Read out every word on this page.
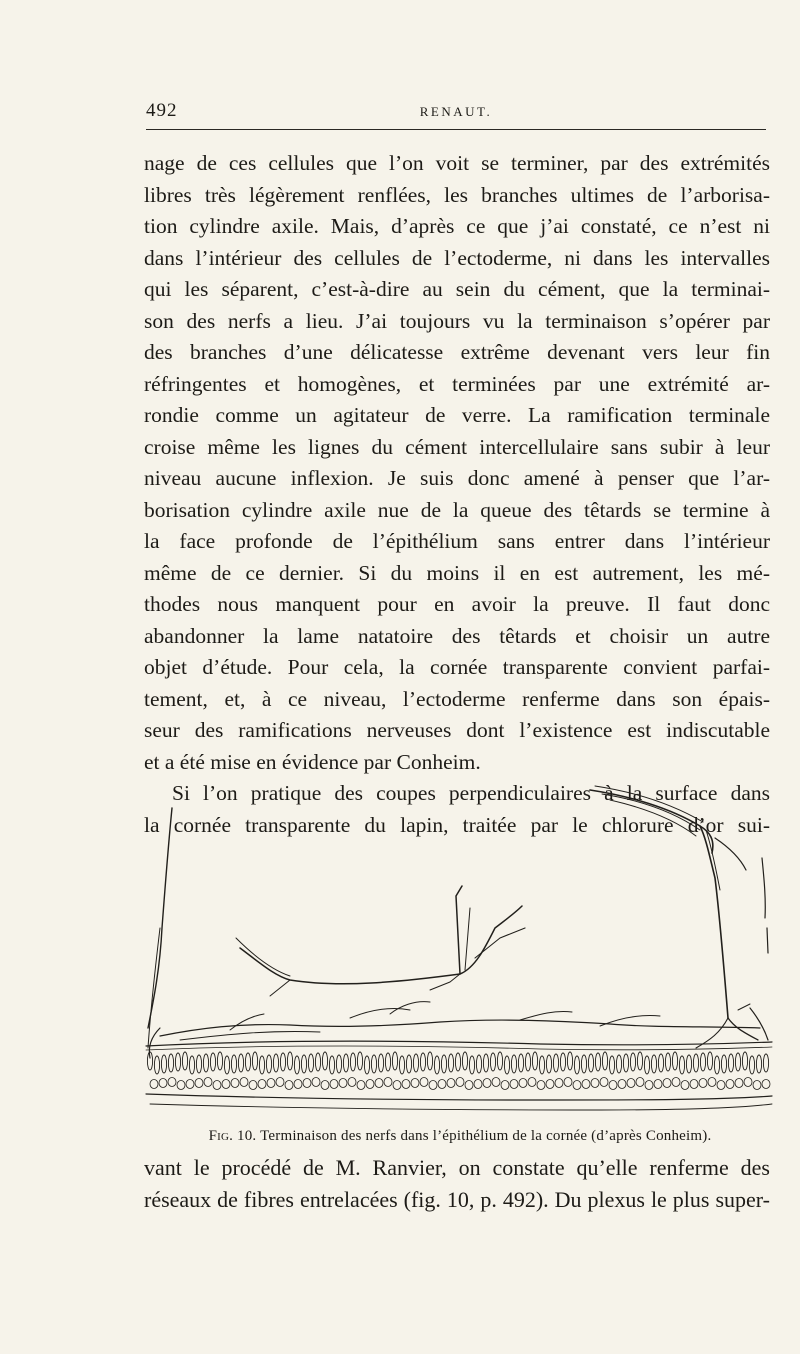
492	RENAUT.
nage de ces cellules que l’on voit se terminer, par des extrémités
libres très légèrement renflées, les branches ultimes de l’arborisa-
tion cylindre axile. Mais, d’après ce que j’ai constaté, ce n’est ni
dans l’intérieur des cellules de l’ectoderme, ni dans les intervalles
qui les séparent, c’est-à-dire au sein du cément, que la terminai-
son des nerfs a lieu. J’ai toujours vu la terminaison s’opérer par
des branches d’une délicatesse extrême devenant vers leur fin
réfringentes et homogènes, et terminées par une extrémité ar-
rondie comme un agitateur de verre. La ramification terminale
croise même les lignes du cément intercellulaire sans subir à leur
niveau aucune inflexion. Je suis donc amené à penser que l’ar-
borisation cylindre axile nue de la queue des têtards se termine à
la face profonde de l’épithélium sans entrer dans l’intérieur
même de ce dernier. Si du moins il en est autrement, les mé-
thodes nous manquent pour en avoir la preuve. Il faut donc
abandonner la lame natatoire des têtards et choisir un autre
objet d’étude. Pour cela, la cornée transparente convient parfai-
tement, et, à ce niveau, l’ectoderme renferme dans son épais-
seur des ramifications nerveuses dont l’existence est indiscutable
et a été mise en évidence par Conheim.
Si l’on pratique des coupes perpendiculaires à la surface dans
la cornée transparente du lapin, traitée par le chlorure d’or sui-
Fig. 10. Terminaison des nerfs dans l’épithélium de la cornée (d’après Conheim).
vant le procédé de M. Ranvier, on constate qu’elle renferme des
réseaux de fibres entrelacées (fig. 10, p. 492). Du plexus le plus super-
